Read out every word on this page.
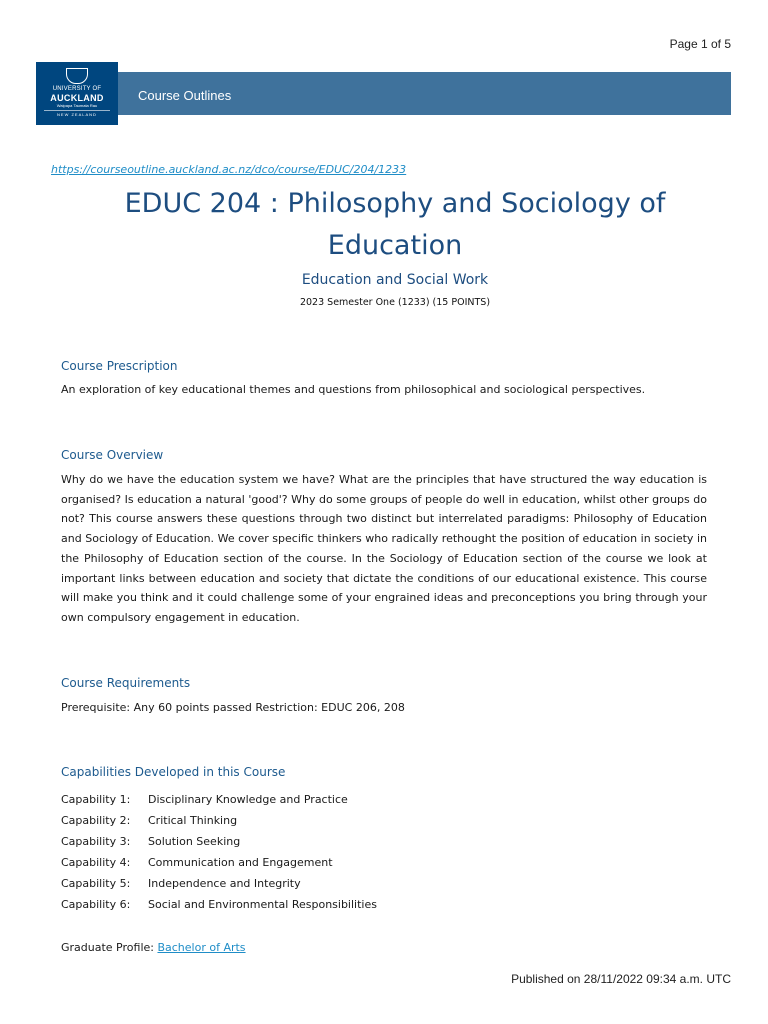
Page 1 of 5
UNIVERSITY OF
AUCKLAND
Waipapa Taumata Rau
NEW ZEALAND
Course Outlines
https://courseoutline.auckland.ac.nz/dco/course/EDUC/204/1233
EDUC 204 : Philosophy and Sociology of Education
Education and Social Work
2023 Semester One (1233) (15 POINTS)
Course Prescription
An exploration of key educational themes and questions from philosophical and sociological perspectives.
Course Overview
Why do we have the education system we have? What are the principles that have structured the way education is organised? Is education a natural 'good'? Why do some groups of people do well in education, whilst other groups do not? This course answers these questions through two distinct but interrelated paradigms: Philosophy of Education and Sociology of Education. We cover specific thinkers who radically rethought the position of education in society in the Philosophy of Education section of the course. In the Sociology of Education section of the course we look at important links between education and society that dictate the conditions of our educational existence. This course will make you think and it could challenge some of your engrained ideas and preconceptions you bring through your own compulsory engagement in education.
Course Requirements
Prerequisite: Any 60 points passed Restriction: EDUC 206, 208
Capabilities Developed in this Course
Capability 1:	Disciplinary Knowledge and Practice
Capability 2:	Critical Thinking
Capability 3:	Solution Seeking
Capability 4:	Communication and Engagement
Capability 5:	Independence and Integrity
Capability 6:	Social and Environmental Responsibilities
Graduate Profile: Bachelor of Arts
Published on 28/11/2022 09:34 a.m. UTC
